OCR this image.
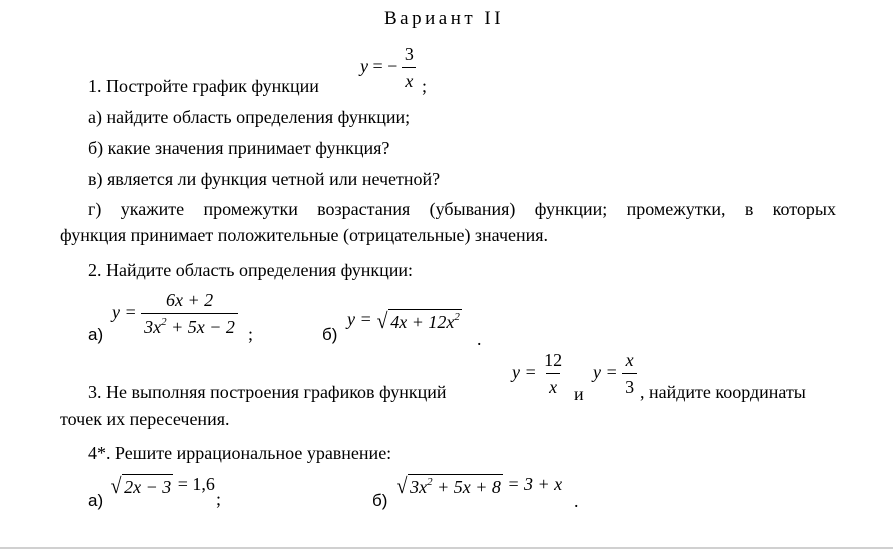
Вариант II
1. Постройте график функции
y = − $\frac{3}{x}$ ;
а) найдите область определения функции;
б) какие значения принимает функция?
в) является ли функция четной или нечетной?
г) укажите промежутки возрастания (убывания) функции; промежутки, в которых
функция принимает положительные (отрицательные) значения.
2. Найдите область определения функции:
а)
$y = \frac{6x + 2}{3x^2 + 5x - 2}$ ;	б)
y = √ $4x + 12x^2$
.
3. Не выполняя построения графиков функций
$y = \frac{12}{x}$ и
$y = \frac{x}{3}$ , найдите координаты
точек их пересечения.
4*. Решите иррациональное уравнение:
а)
√ 2x − 3 = 1,6
;	б)
√ $3x^2 + 5x + 8 = 3 + x$
.
